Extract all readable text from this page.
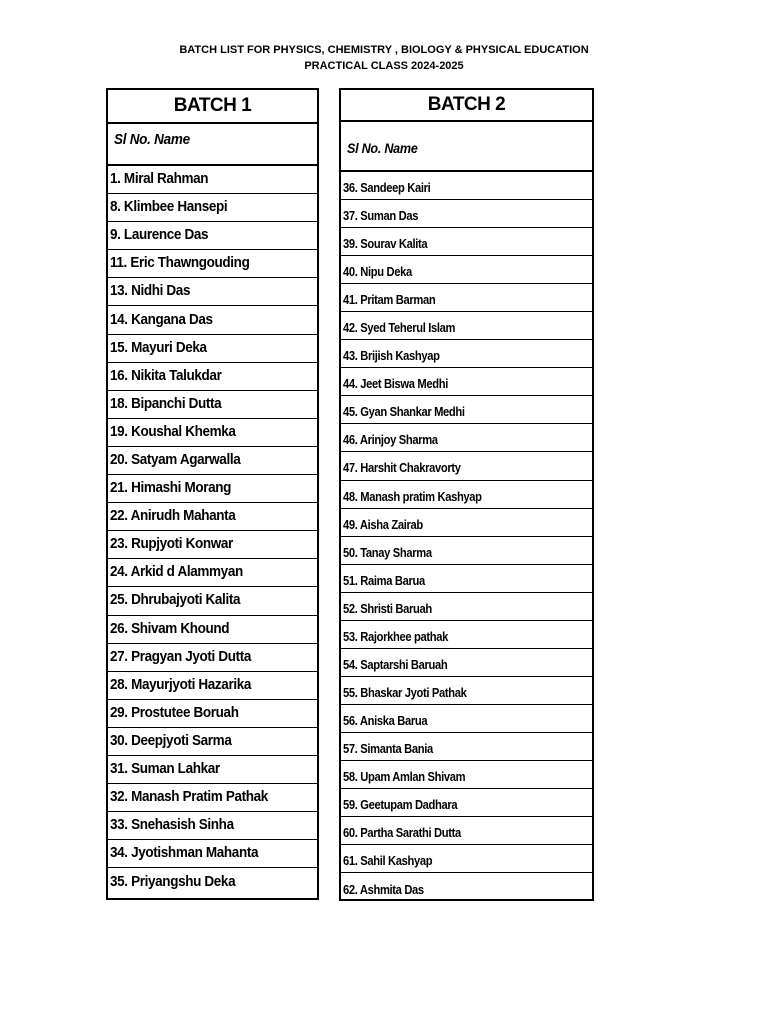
BATCH LIST FOR PHYSICS, CHEMISTRY , BIOLOGY & PHYSICAL EDUCATION
PRACTICAL CLASS 2024-2025
BATCH 1
Sl No. Name
1. Miral Rahman
8. Klimbee Hansepi
9. Laurence Das
11. Eric Thawngouding
13. Nidhi Das
14. Kangana Das
15. Mayuri Deka
16. Nikita Talukdar
18. Bipanchi Dutta
19. Koushal Khemka
20. Satyam Agarwalla
21. Himashi Morang
22. Anirudh Mahanta
23. Rupjyoti Konwar
24. Arkid d Alammyan
25. Dhrubajyoti Kalita
26. Shivam Khound
27. Pragyan Jyoti Dutta
28. Mayurjyoti Hazarika
29. Prostutee Boruah
30. Deepjyoti Sarma
31. Suman Lahkar
32. Manash Pratim Pathak
33. Snehasish Sinha
34. Jyotishman Mahanta
35. Priyangshu Deka
BATCH 2
Sl No. Name
36. Sandeep Kairi
37. Suman Das
39. Sourav Kalita
40. Nipu Deka
41. Pritam Barman
42. Syed Teherul Islam
43. Brijish Kashyap
44. Jeet Biswa Medhi
45. Gyan Shankar Medhi
46. Arinjoy Sharma
47. Harshit Chakravorty
48. Manash pratim Kashyap
49. Aisha Zairab
50. Tanay Sharma
51. Raima Barua
52. Shristi Baruah
53. Rajorkhee pathak
54. Saptarshi Baruah
55. Bhaskar Jyoti Pathak
56. Aniska Barua
57. Simanta Bania
58. Upam Amlan Shivam
59. Geetupam Dadhara
60. Partha Sarathi Dutta
61. Sahil Kashyap
62. Ashmita Das
